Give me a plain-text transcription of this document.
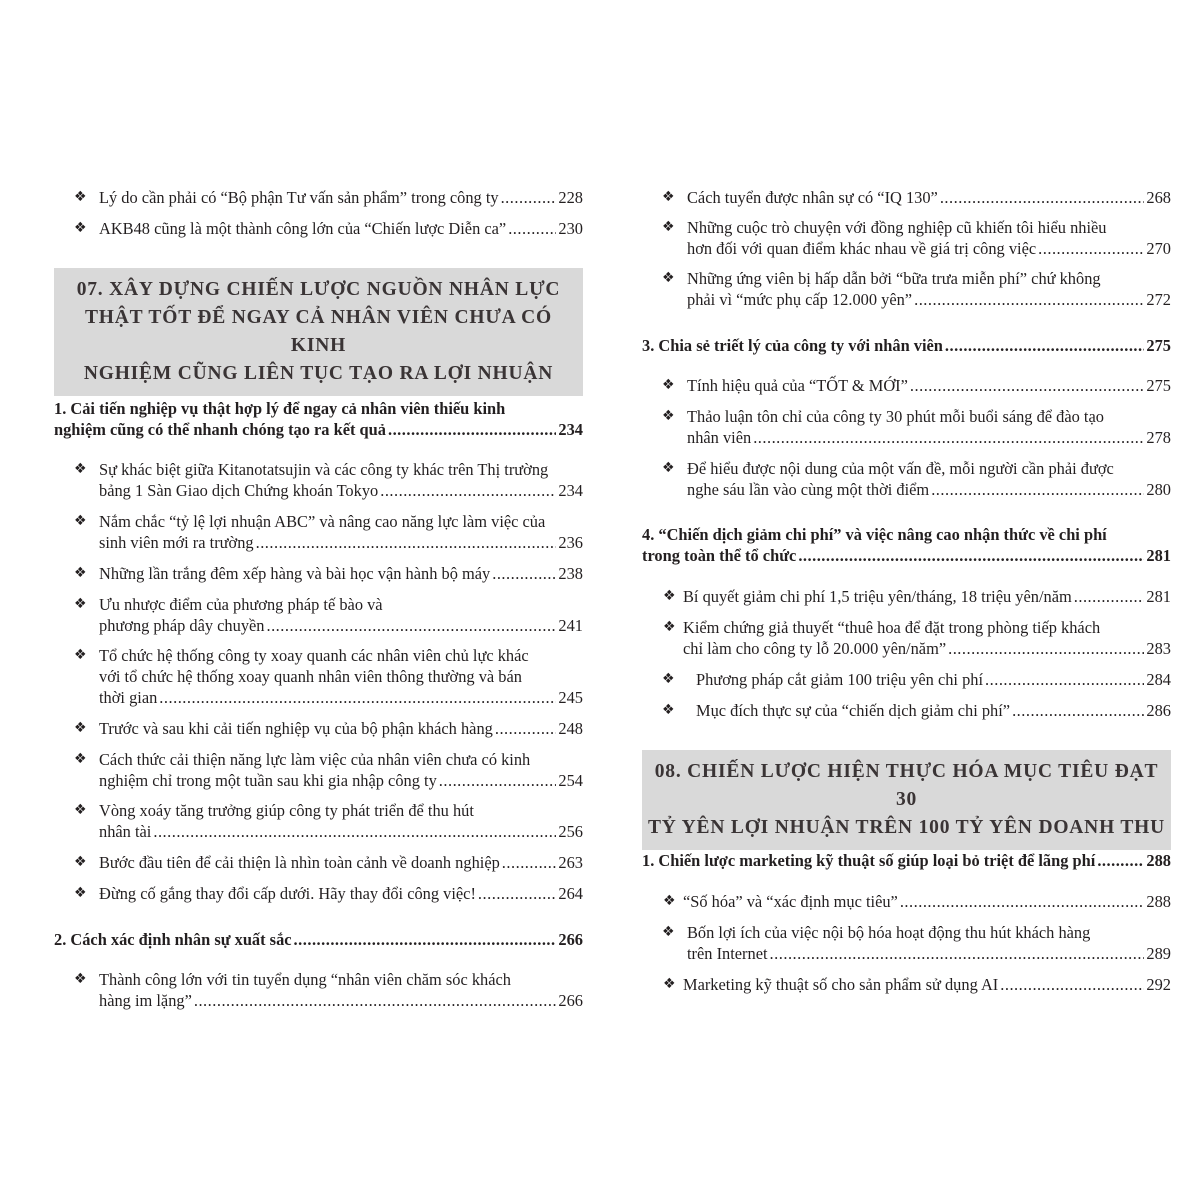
❖ Lý do cần phải có “Bộ phận Tư vấn sản phẩm” trong công ty .....	228
❖ AKB48 cũng là một thành công lớn của “Chiến lược Diễn ca” .....	230
07. XÂY DỰNG CHIẾN LƯỢC NGUỒN NHÂN LỰC
THẬT TỐT ĐỂ NGAY CẢ NHÂN VIÊN CHƯA CÓ KINH
NGHIỆM CŨNG LIÊN TỤC TẠO RA LỢI NHUẬN
1. Cải tiến nghiệp vụ thật hợp lý để ngay cả nhân viên thiếu kinh
nghiệm cũng có thể nhanh chóng tạo ra kết quả .....	234
❖ Sự khác biệt giữa Kitanotatsujin và các công ty khác trên Thị trường
bảng 1 Sàn Giao dịch Chứng khoán Tokyo .....	234
❖ Nắm chắc “tỷ lệ lợi nhuận ABC” và nâng cao năng lực làm việc của
sinh viên mới ra trường .....	236
❖ Những lần trắng đêm xếp hàng và bài học vận hành bộ máy .....	238
❖ Ưu nhược điểm của phương pháp tế bào và
phương pháp dây chuyền .....	241
❖ Tổ chức hệ thống công ty xoay quanh các nhân viên chủ lực khác
với tổ chức hệ thống xoay quanh nhân viên thông thường và bán
thời gian .....	245
❖ Trước và sau khi cải tiến nghiệp vụ của bộ phận khách hàng .....	248
❖ Cách thức cải thiện năng lực làm việc của nhân viên chưa có kinh
nghiệm chỉ trong một tuần sau khi gia nhập công ty .....	254
❖ Vòng xoáy tăng trưởng giúp công ty phát triển để thu hút
nhân tài .....	256
❖ Bước đầu tiên để cải thiện là nhìn toàn cảnh về doanh nghiệp .....	263
❖ Đừng cố gắng thay đổi cấp dưới. Hãy thay đổi công việc! .....	264
2. Cách xác định nhân sự xuất sắc .....	266
❖ Thành công lớn với tin tuyển dụng “nhân viên chăm sóc khách
hàng im lặng” .....	266
❖ Cách tuyển được nhân sự có “IQ 130” .....	268
❖ Những cuộc trò chuyện với đồng nghiệp cũ khiến tôi hiểu nhiều
hơn đối với quan điểm khác nhau về giá trị công việc .....	270
❖ Những ứng viên bị hấp dẫn bởi “bữa trưa miễn phí” chứ không
phải vì “mức phụ cấp 12.000 yên” .....	272
3. Chia sẻ triết lý của công ty với nhân viên .....	275
❖ Tính hiệu quả của “TỐT & MỚI” .....	275
❖ Thảo luận tôn chỉ của công ty 30 phút mỗi buổi sáng để đào tạo
nhân viên .....	278
❖ Để hiểu được nội dung của một vấn đề, mỗi người cần phải được
nghe sáu lần vào cùng một thời điểm .....	280
4. “Chiến dịch giảm chi phí” và việc nâng cao nhận thức về chi phí
trong toàn thể tổ chức .....	281
❖ Bí quyết giảm chi phí 1,5 triệu yên/tháng, 18 triệu yên/năm .....	281
❖ Kiểm chứng giả thuyết “thuê hoa để đặt trong phòng tiếp khách
chỉ làm cho công ty lỗ 20.000 yên/năm” .....	283
❖ Phương pháp cắt giảm 100 triệu yên chi phí .....	284
❖ Mục đích thực sự của “chiến dịch giảm chi phí” .....	286
08. CHIẾN LƯỢC HIỆN THỰC HÓA MỤC TIÊU ĐẠT 30
TỶ YÊN LỢI NHUẬN TRÊN 100 TỶ YÊN DOANH THU
1. Chiến lược marketing kỹ thuật số giúp loại bỏ triệt để lãng phí .....	288
❖ “Số hóa” và “xác định mục tiêu” .....	288
❖ Bốn lợi ích của việc nội bộ hóa hoạt động thu hút khách hàng
trên Internet .....	289
❖ Marketing kỹ thuật số cho sản phẩm sử dụng AI .....	292
